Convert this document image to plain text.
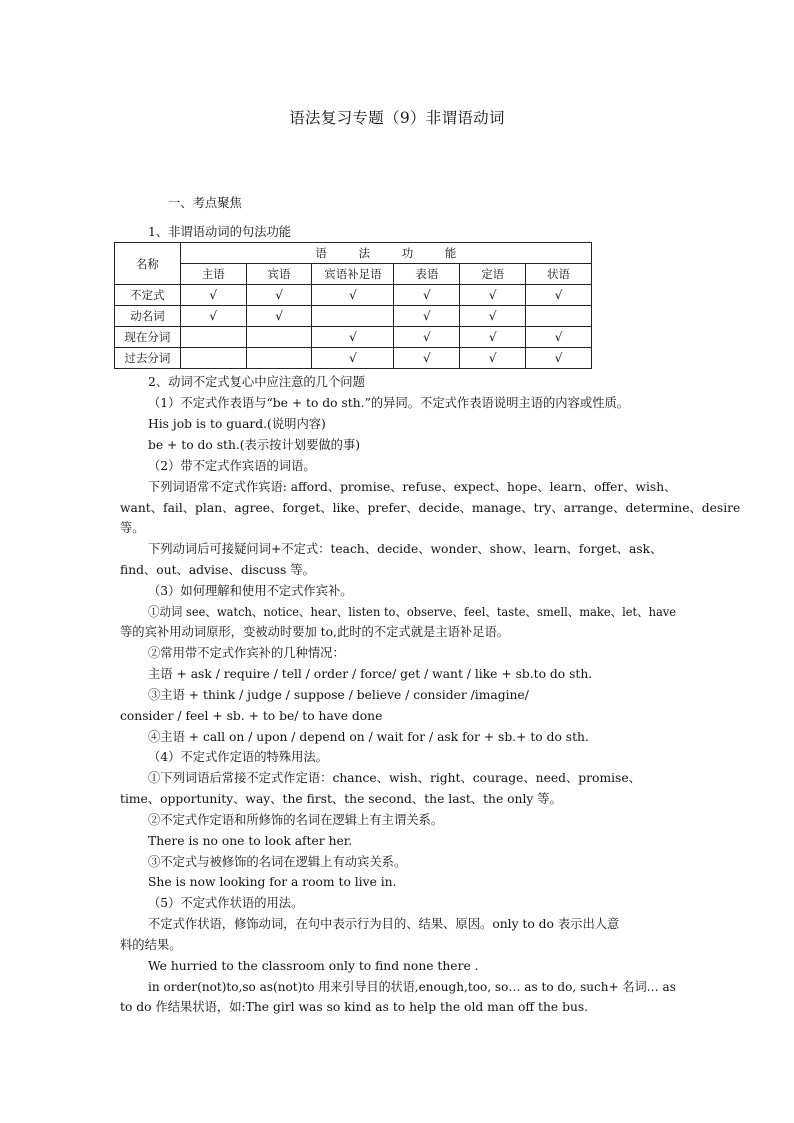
语法复习专题（9）非谓语动词
一、考点聚焦
1、非谓语动词的句法功能
名称	语 法 功 能					
	主语	宾语	宾语补足语	表语	定语	状语
不定式	√	√	√	√	√	√
动名词	√	√		√	√	
现在分词			√	√	√	√
过去分词			√	√	√	√
2、动词不定式复心中应注意的几个问题
（1）不定式作表语与“be + to do sth.”的异同。不定式作表语说明主语的内容或性质。
His job is to guard.(说明内容)
be + to do sth.(表示按计划要做的事)
（2）带不定式作宾语的词语。
下列词语常不定式作宾语: afford、promise、refuse、expect、hope、learn、offer、wish、
want、fail、plan、agree、forget、like、prefer、decide、manage、try、arrange、determine、desire
等。
下列动词后可接疑问词+不定式：teach、decide、wonder、show、learn、forget、ask、
find、out、advise、discuss 等。
（3）如何理解和使用不定式作宾补。
①动词 see、watch、notice、hear、listen to、observe、feel、taste、smell、make、let、have
等的宾补用动词原形，变被动时要加 to,此时的不定式就是主语补足语。
②常用带不定式作宾补的几种情况：
主语 + ask / require / tell / order / force/ get / want / like + sb.to do sth.
③主语 + think / judge / suppose / believe / consider /imagine/
consider / feel + sb. + to be/ to have done
④主语 + call on / upon / depend on / wait for / ask for + sb.+ to do sth.
（4）不定式作定语的特殊用法。
①下列词语后常接不定式作定语：chance、wish、right、courage、need、promise、
time、opportunity、way、the first、the second、the last、the only 等。
②不定式作定语和所修饰的名词在逻辑上有主谓关系。
There is no one to look after her.
③不定式与被修饰的名词在逻辑上有动宾关系。
She is now looking for a room to live in.
（5）不定式作状语的用法。
不定式作状语，修饰动词，在句中表示行为目的、结果、原因。only to do 表示出人意
料的结果。
We hurried to the classroom only to find none there .
in order(not)to,so as(not)to 用来引导目的状语,enough,too, so… as to do, such+ 名词… as
to do 作结果状语，如:The girl was so kind as to help the old man off the bus.
